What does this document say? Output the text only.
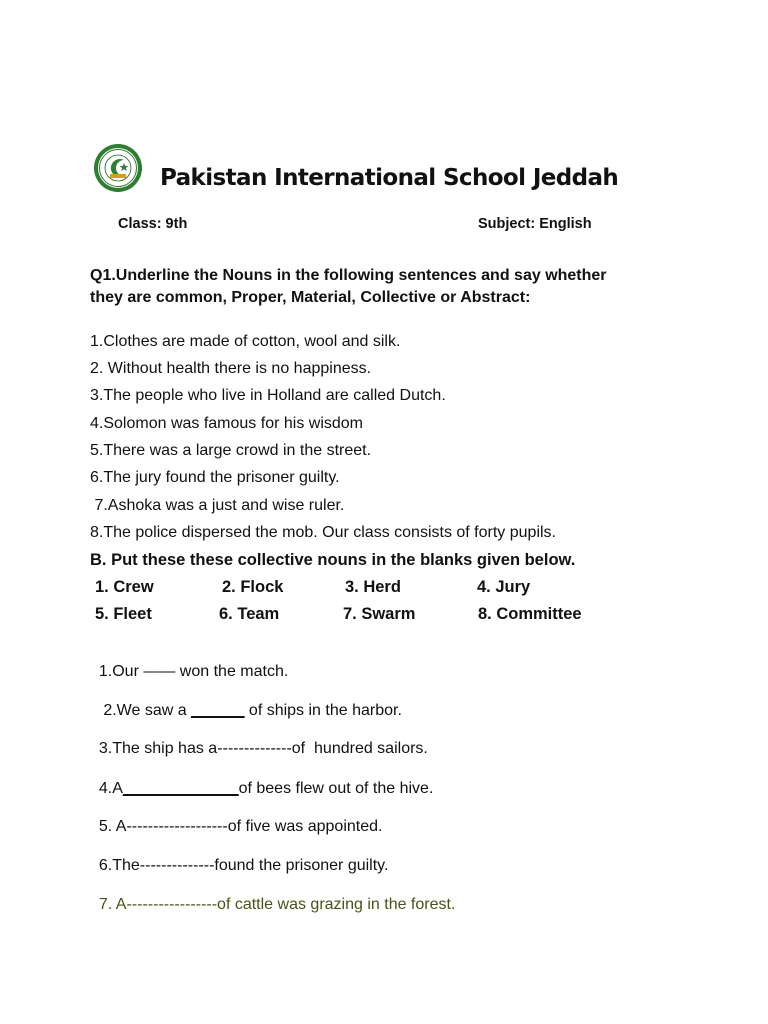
Pakistan International School Jeddah
Class: 9th	Subject: English
Q1.Underline the Nouns in the following sentences and say whether
they are common, Proper, Material, Collective or Abstract:
1.Clothes are made of cotton, wool and silk.
2. Without health there is no happiness.
3.The people who live in Holland are called Dutch.
4.Solomon was famous for his wisdom
5.There was a large crowd in the street.
6.The jury found the prisoner guilty.
7.Ashoka was a just and wise ruler.
8.The police dispersed the mob. Our class consists of forty pupils.
B. Put these these collective nouns in the blanks given below.
1. Crew	2. Flock	3. Herd	4. Jury
5. Fleet	6. Team	7. Swarm	8. Committee

1.Our —— won the match.

2.We saw a ______ of ships in the harbor.

3.The ship has a--------------of  hundred sailors.

4.A_____________of bees flew out of the hive.

5. A-------------------of five was appointed.

6.The--------------found the prisoner guilty.

7. A-----------------of cattle was grazing in the forest.
